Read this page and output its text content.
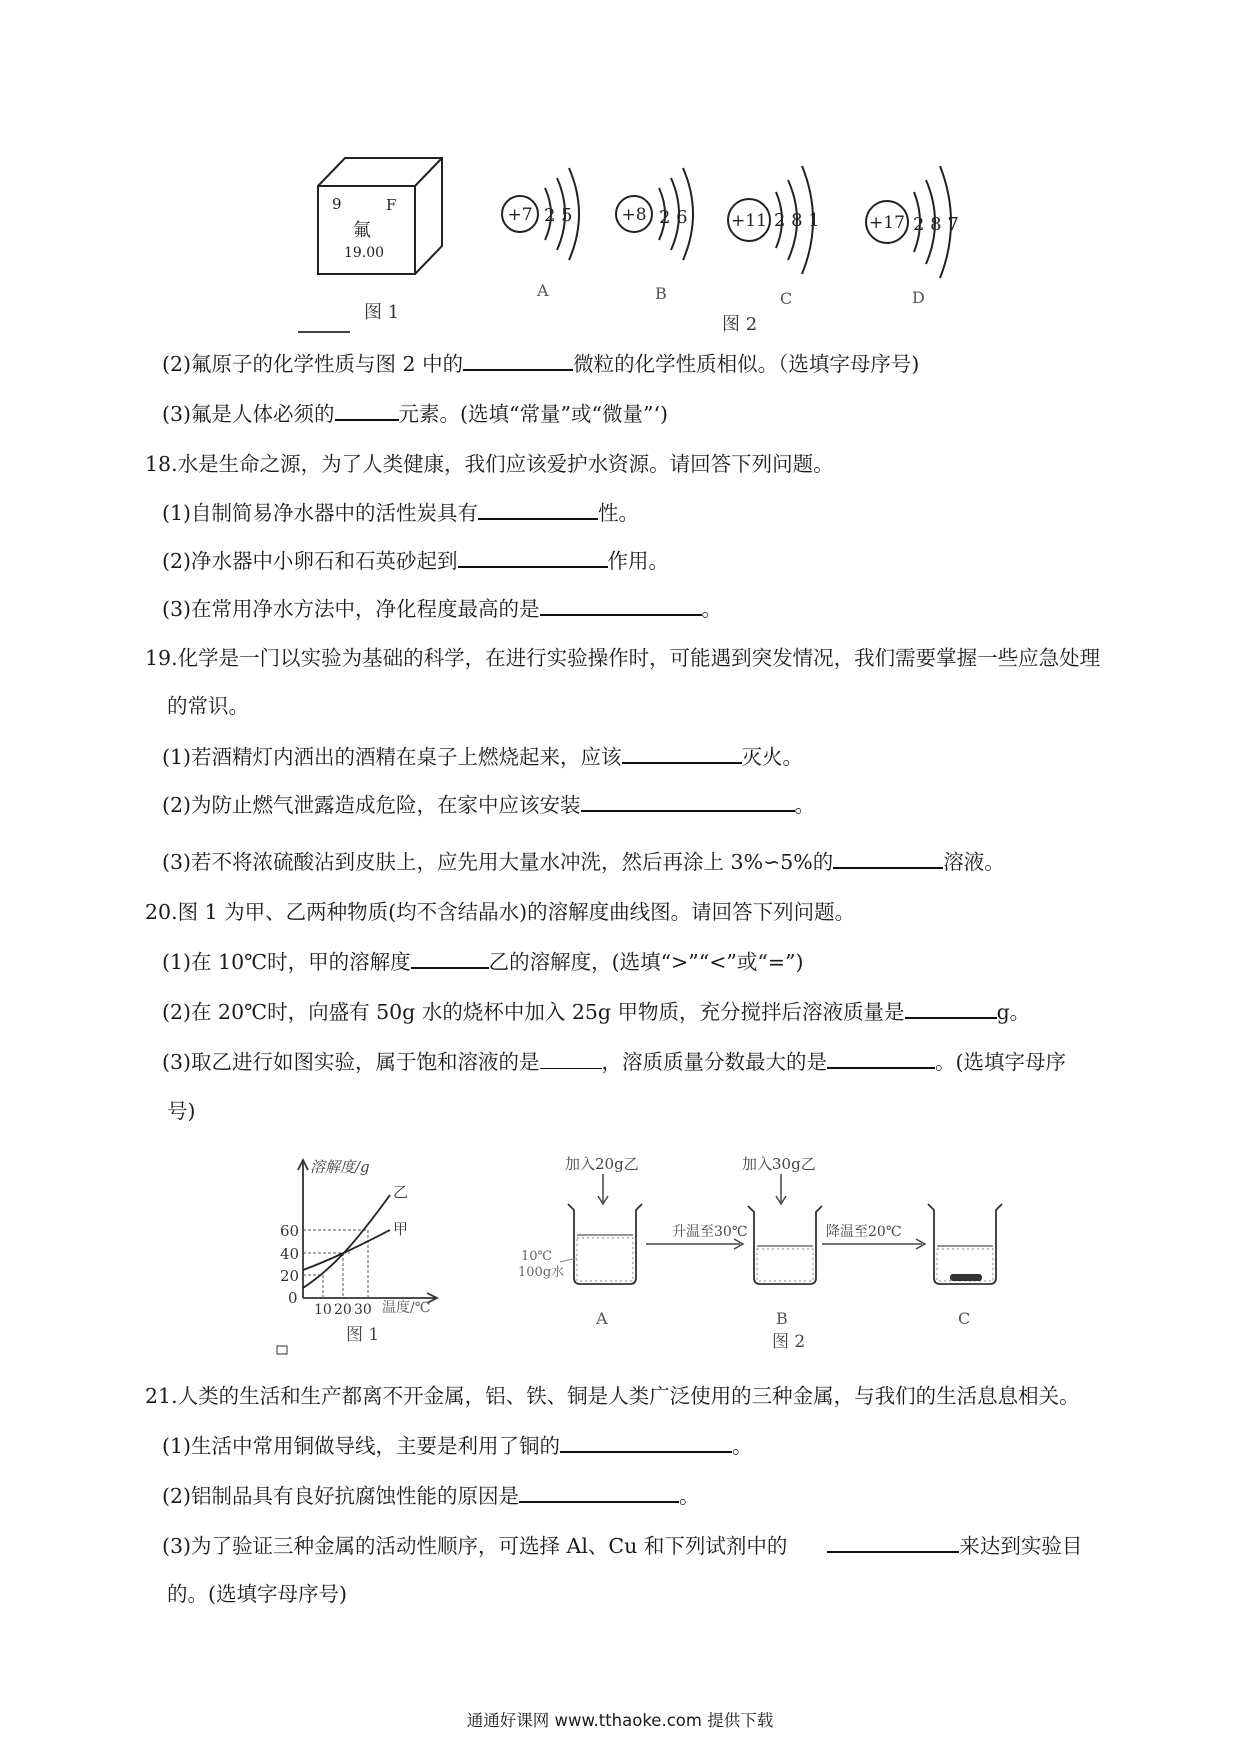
9	F
氟
19.00
+7 2 5
A
+8 2 6
B
+11 2 8 1
C
+17 2 8 7
D
图 1
图 2
(2)氟原子的化学性质与图 2 中的	微粒的化学性质相似。（选填字母序号)
(3)氟是人体必须的	元素。(选填“常量”或“微量”‘)
18.水是生命之源，为了人类健康，我们应该爱护水资源。请回答下列问题。
(1)自制简易净水器中的活性炭具有	性。
(2)净水器中小卵石和石英砂起到	作用。
(3)在常用净水方法中，净化程度最高的是	。
19.化学是一门以实验为基础的科学，在进行实验操作时，可能遇到突发情况，我们需要掌握一些应急处理
的常识。
(1)若酒精灯内洒出的酒精在桌子上燃烧起来，应该	灭火。
(2)为防止燃气泄露造成危险，在家中应该安装	。
(3)若不将浓硫酸沾到皮肤上，应先用大量水冲洗，然后再涂上 3%∽5%的	溶液。
20.图 1 为甲、乙两种物质(均不含结晶水)的溶解度曲线图。请回答下列问题。
(1)在 10℃时，甲的溶解度	乙的溶解度，(选填“>”“<”或“=”)
(2)在 20℃时，向盛有 50g 水的烧杯中加入 25g 甲物质，充分搅拌后溶液质量是	g。
(3)取乙进行如图实验，属于饱和溶液的是	，溶质质量分数最大的是	。(选填字母序
号)
溶解度/g
温度/℃
60
40
20
0
10 20 30
乙
甲
图 1
加入20g乙
10℃
100g水
A
升温至30℃
加入30g乙
B
降温至20℃
C
图 2
21.人类的生活和生产都离不开金属，铝、铁、铜是人类广泛使用的三种金属，与我们的生活息息相关。
(1)生活中常用铜做导线，主要是利用了铜的	。
(2)铝制品具有良好抗腐蚀性能的原因是	。
(3)为了验证三种金属的活动性顺序，可选择 Al、Cu 和下列试剂中的	来达到实验目
的。(选填字母序号)
通通好课网 www.tthaoke.com 提供下载
